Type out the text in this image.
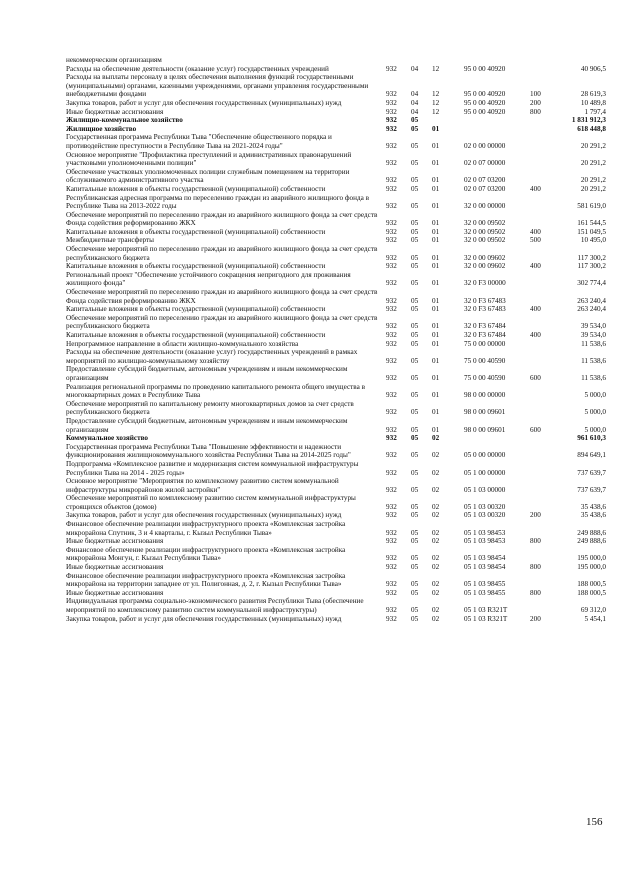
некоммерческим организациям
Расходы на обеспечение деятельности (оказание услуг) государственных учреждений	932 04 12	95 0 00 40920	40 906,5
Расходы на выплаты персоналу в целях обеспечения выполнения функций государственными (муниципальными) органами, казенными учреждениями, органами управления государственными внебюджетными фондами	932 04 12	95 0 00 40920	100	28 619,3
Закупка товаров, работ и услуг для обеспечения государственных (муниципальных) нужд	932 04 12	95 0 00 40920	200	10 489,8
Иные бюджетные ассигнования	932 04 12	95 0 00 40920	800	1 797,4
Жилищно-коммунальное хозяйство	932 05	1 831 912,3
Жилищное хозяйство	932 05 01	618 448,8
Государственная программа Республики Тыва "Обеспечение общественного порядка и противодействие преступности в Республике Тыва на 2021-2024 годы"	932 05 01	02 0 00 00000	20 291,2
Основное мероприятие "Профилактика преступлений и административных правонарушений участковыми уполномоченными полиции"	932 05 01	02 0 07 00000	20 291,2
Обеспечение участковых уполномоченных полиции служебным помещением на территории обслуживаемого административного участка	932 05 01	02 0 07 03200	20 291,2
Капитальные вложения в объекты государственной (муниципальной) собственности	932 05 01	02 0 07 03200	400	20 291,2
Республиканская адресная программа по переселению граждан из аварийного жилищного фонда в Республике Тыва на 2013-2022 годы	932 05 01	32 0 00 00000	581 619,0
Обеспечение мероприятий по переселению граждан из аварийного жилищного фонда за счет средств Фонда содействия реформированию ЖКХ	932 05 01	32 0 00 09502	161 544,5
Капитальные вложения в объекты государственной (муниципальной) собственности	932 05 01	32 0 00 09502	400	151 049,5
Межбюджетные трансферты	932 05 01	32 0 00 09502	500	10 495,0
Обеспечение мероприятий по переселению граждан из аварийного жилищного фонда за счет средств республиканского бюджета	932 05 01	32 0 00 09602	117 300,2
Капитальные вложения в объекты государственной (муниципальной) собственности	932 05 01	32 0 00 09602	400	117 300,2
Региональный проект "Обеспечение устойчивого сокращения непригодного для проживания жилищного фонда"	932 05 01	32 0 F3 00000	302 774,4
Обеспечение мероприятий по переселению граждан из аварийного жилищного фонда за счет средств Фонда содействия реформированию ЖКХ	932 05 01	32 0 F3 67483	263 240,4
Капитальные вложения в объекты государственной (муниципальной) собственности	932 05 01	32 0 F3 67483	400	263 240,4
Обеспечение мероприятий по переселению граждан из аварийного жилищного фонда за счет средств республиканского бюджета	932 05 01	32 0 F3 67484	39 534,0
Капитальные вложения в объекты государственной (муниципальной) собственности	932 05 01	32 0 F3 67484	400	39 534,0
Непрограммное направление в области жилищно-коммунального хозяйства	932 05 01	75 0 00 00000	11 538,6
Расходы на обеспечение деятельности (оказание услуг) государственных учреждений в рамках мероприятий по жилищно-коммунальному хозяйству	932 05 01	75 0 00 40590	11 538,6
Предоставление субсидий бюджетным, автономным учреждениям и иным некоммерческим организациям	932 05 01	75 0 00 40590	600	11 538,6
Реализация региональной программы по проведению капитального ремонта общего имущества в многоквартирных домах в Республике Тыва	932 05 01	98 0 00 00000	5 000,0
Обеспечение мероприятий по капитальному ремонту многоквартирных домов за счет средств республиканского бюджета	932 05 01	98 0 00 09601	5 000,0
Предоставление субсидий бюджетным, автономным учреждениям и иным некоммерческим организациям	932 05 01	98 0 00 09601	600	5 000,0
Коммунальное хозяйство	932 05 02	961 610,3
Государственная программа Республики Тыва "Повышение эффективности и надежности функционирования жилищнокоммунального хозяйства Республики Тыва на 2014-2025 годы"	932 05 02	05 0 00 00000	894 649,1
Подпрограмма «Комплексное развитие и модернизация систем коммунальной инфраструктуры Республики Тыва на 2014 - 2025 годы»	932 05 02	05 1 00 00000	737 639,7
Основное мероприятие "Мероприятия по комплексному развитию систем коммунальной инфраструктуры микрорайонов жилой застройки"	932 05 02	05 1 03 00000	737 639,7
Обеспечение мероприятий по комплексному развитию систем коммунальной инфраструктуры строящихся объектов (домов)	932 05 02	05 1 03 00320	35 438,6
Закупка товаров, работ и услуг для обеспечения государственных (муниципальных) нужд	932 05 02	05 1 03 00320	200	35 438,6
Финансовое обеспечение реализации инфраструктурного проекта «Комплексная застройка микрорайона Спутник, 3 и 4 кварталы, г. Кызыл Республики Тыва»	932 05 02	05 1 03 98453	249 888,6
Иные бюджетные ассигнования	932 05 02	05 1 03 98453	800	249 888,6
Финансовое обеспечение реализации инфраструктурного проекта «Комплексная застройка микрорайона Монгун, г. Кызыл Республики Тыва»	932 05 02	05 1 03 98454	195 000,0
Иные бюджетные ассигнования	932 05 02	05 1 03 98454	800	195 000,0
Финансовое обеспечение реализации инфраструктурного проекта «Комплексная застройка микрорайона на территории западнее от ул. Полигонная, д. 2, г. Кызыл Республики Тыва»	932 05 02	05 1 03 98455	188 000,5
Иные бюджетные ассигнования	932 05 02	05 1 03 98455	800	188 000,5
Индивидуальная программа социально-экономического развития Республики Тыва (обеспечение мероприятий по комплексному развитию систем коммунальной инфраструктуры)	932 05 02	05 1 03 R321T	69 312,0
Закупка товаров, работ и услуг для обеспечения государственных (муниципальных) нужд	932 05 02	05 1 03 R321T	200	5 454,1
156
